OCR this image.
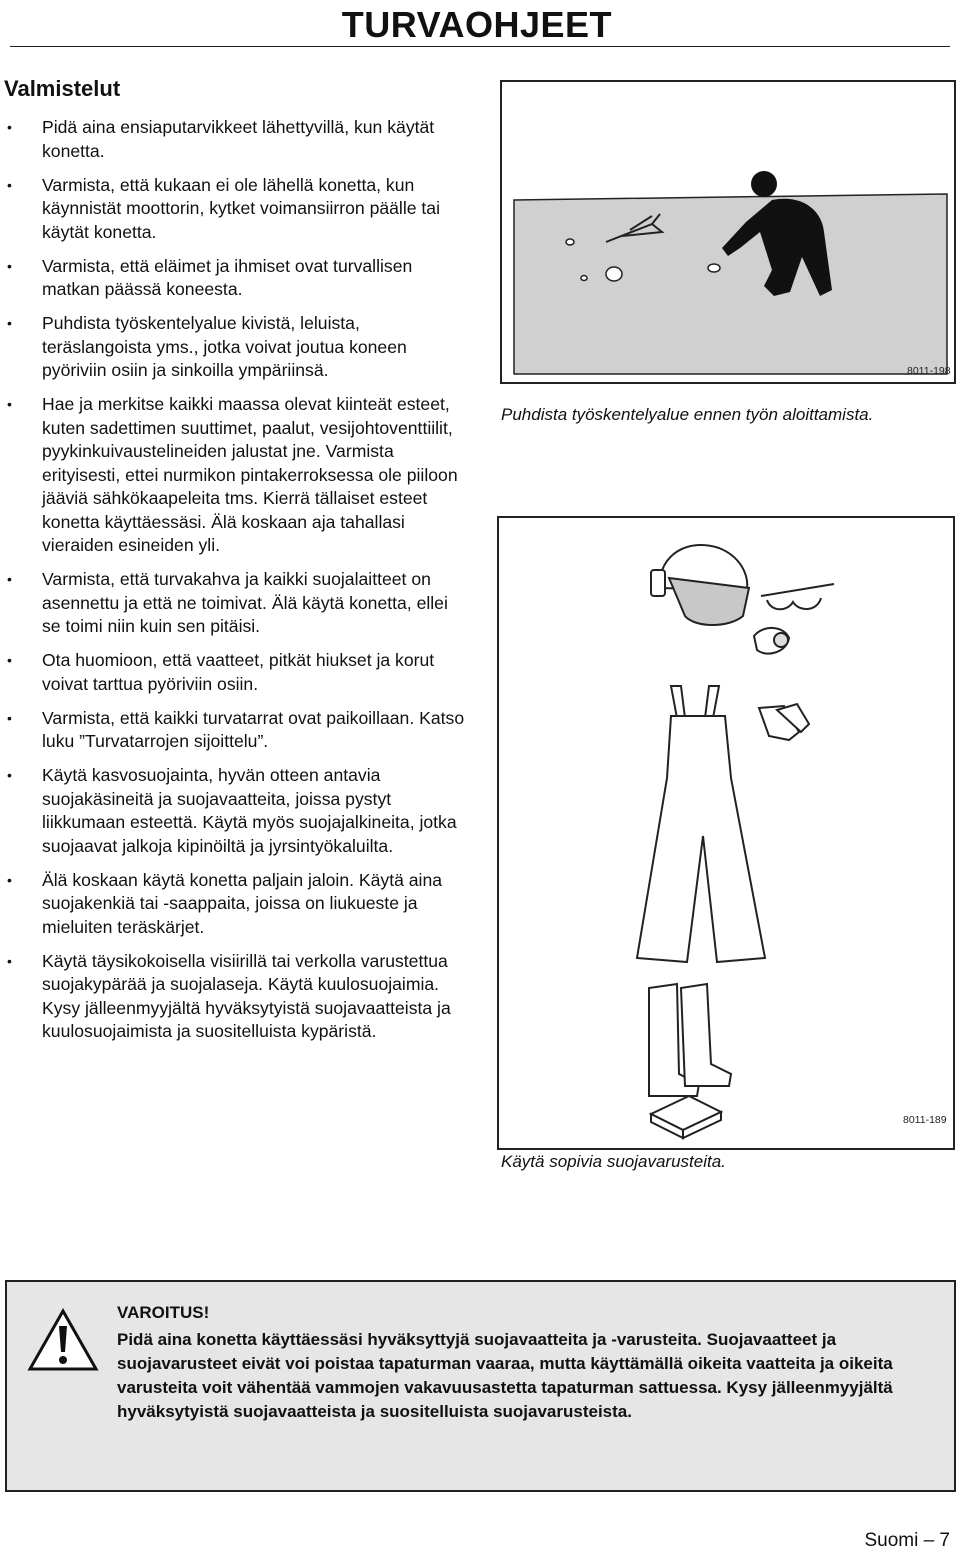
TURVAOHJEET
Valmistelut
• Pidä aina ensiaputarvikkeet lähettyvillä, kun käytät konetta.
• Varmista, että kukaan ei ole lähellä konetta, kun käynnistät moottorin, kytket voimansiirron päälle tai käytät konetta.
• Varmista, että eläimet ja ihmiset ovat turvallisen matkan päässä koneesta.
• Puhdista työskentelyalue kivistä, leluista, teräslangoista yms., jotka voivat joutua koneen pyöriviin osiin ja sinkoilla ympäriinsä.
• Hae ja merkitse kaikki maassa olevat kiinteät esteet, kuten sadettimen suuttimet, paalut, vesijohtoventtiilit, pyykinkuivaustelineiden jalustat jne. Varmista erityisesti, ettei nurmikon pintakerroksessa ole piiloon jääviä sähkökaapeleita tms. Kierrä tällaiset esteet konetta käyttäessäsi. Älä koskaan aja tahallasi vieraiden esineiden yli.
• Varmista, että turvakahva ja kaikki suojalaitteet on asennettu ja että ne toimivat. Älä käytä konetta, ellei se toimi niin kuin sen pitäisi.
• Ota huomioon, että vaatteet, pitkät hiukset ja korut voivat tarttua pyöriviin osiin.
• Varmista, että kaikki turvatarrat ovat paikoillaan. Katso luku ”Turvatarrojen sijoittelu”.
• Käytä kasvosuojainta, hyvän otteen antavia suojakäsineitä ja suojavaatteita, joissa pystyt liikkumaan esteettä. Käytä myös suojajalkineita, jotka suojaavat jalkoja kipinöiltä ja jyrsintyökaluilta.
• Älä koskaan käytä konetta paljain jaloin. Käytä aina suojakenkiä tai -saappaita, joissa on liukueste ja mieluiten teräskärjet.
• Käytä täysikokoisella visiirillä tai verkolla varustettua suojakypärää ja suojalaseja. Käytä kuulosuojaimia. Kysy jälleenmyyjältä hyväksytyistä suojavaatteista ja kuulosuojaimista ja suositelluista kypäristä.
8011-198
Puhdista työskentelyalue ennen työn aloittamista.
8011-189
Käytä sopivia suojavarusteita.
VAROITUS!
Pidä aina konetta käyttäessäsi hyväksyttyjä suojavaatteita ja -varusteita. Suojavaatteet ja suojavarusteet eivät voi poistaa tapaturman vaaraa, mutta käyttämällä oikeita vaatteita ja oikeita varusteita voit vähentää vammojen vakavuusastetta tapaturman sattuessa. Kysy jälleenmyyjältä hyväksytyistä suojavaatteista ja suositelluista suojavarusteista.
Suomi – 7
